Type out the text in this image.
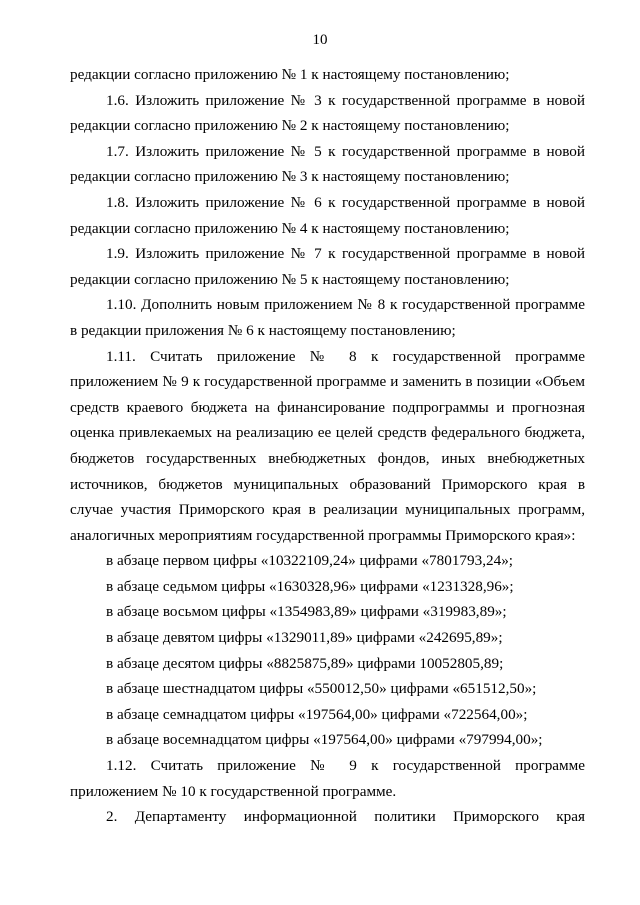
10

редакции согласно приложению № 1 к настоящему постановлению;

1.6. Изложить приложение № 3 к государственной программе в новой редакции согласно приложению № 2 к настоящему постановлению;

1.7. Изложить приложение № 5 к государственной программе в новой редакции согласно приложению № 3 к настоящему постановлению;

1.8. Изложить приложение № 6 к государственной программе в новой редакции согласно приложению № 4 к настоящему постановлению;

1.9. Изложить приложение № 7 к государственной программе в новой редакции согласно приложению № 5 к настоящему постановлению;

1.10. Дополнить новым приложением № 8 к государственной программе в редакции приложения № 6 к настоящему постановлению;

1.11. Считать приложение № 8 к государственной программе приложением № 9 к государственной программе и заменить в позиции «Объем средств краевого бюджета на финансирование подпрограммы и прогнозная оценка привлекаемых на реализацию ее целей средств федерального бюджета, бюджетов государственных внебюджетных фондов, иных внебюджетных источников, бюджетов муниципальных образований Приморского края в случае участия Приморского края в реализации муниципальных программ, аналогичных мероприятиям государственной программы Приморского края»:

в абзаце первом цифры «10322109,24» цифрами «7801793,24»;

в абзаце седьмом цифры «1630328,96» цифрами «1231328,96»;

в абзаце восьмом цифры «1354983,89» цифрами «319983,89»;

в абзаце девятом цифры «1329011,89» цифрами «242695,89»;

в абзаце десятом цифры «8825875,89» цифрами 10052805,89;

в абзаце шестнадцатом цифры «550012,50» цифрами «651512,50»;

в абзаце семнадцатом цифры «197564,00» цифрами «722564,00»;

в абзаце восемнадцатом цифры «197564,00» цифрами «797994,00»;

1.12. Считать приложение № 9 к государственной программе приложением № 10 к государственной программе.

2. Департаменту информационной политики Приморского края
